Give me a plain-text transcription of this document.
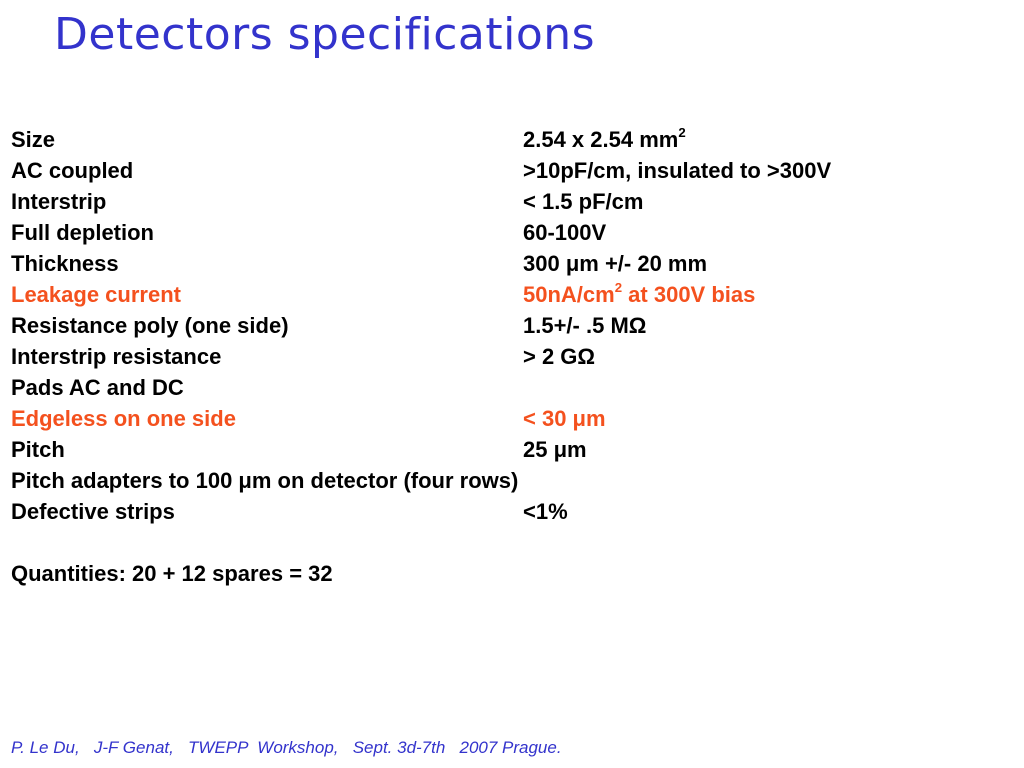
Detectors specifications
Size	2.54 x 2.54 $mm^2$
AC coupled	>10pF/cm, insulated to >300V
Interstrip	< 1.5 pF/cm
Full depletion	60-100V
Thickness	300 μm +/- 20 mm
Leakage current	$50nA/cm^2$ at 300V bias
Resistance poly (one side)	1.5+/- .5 MΩ
Interstrip resistance	> 2 GΩ
Pads AC and DC
Edgeless on one side	< 30 μm
Pitch	25 μm
Pitch adapters to 100 μm on detector (four rows)
Defective strips	<1%
Quantities: 20 + 12 spares = 32
P. Le Du,   J-F Genat,   TWEPP  Workshop,   Sept. 3d-7th   2007 Prague.
